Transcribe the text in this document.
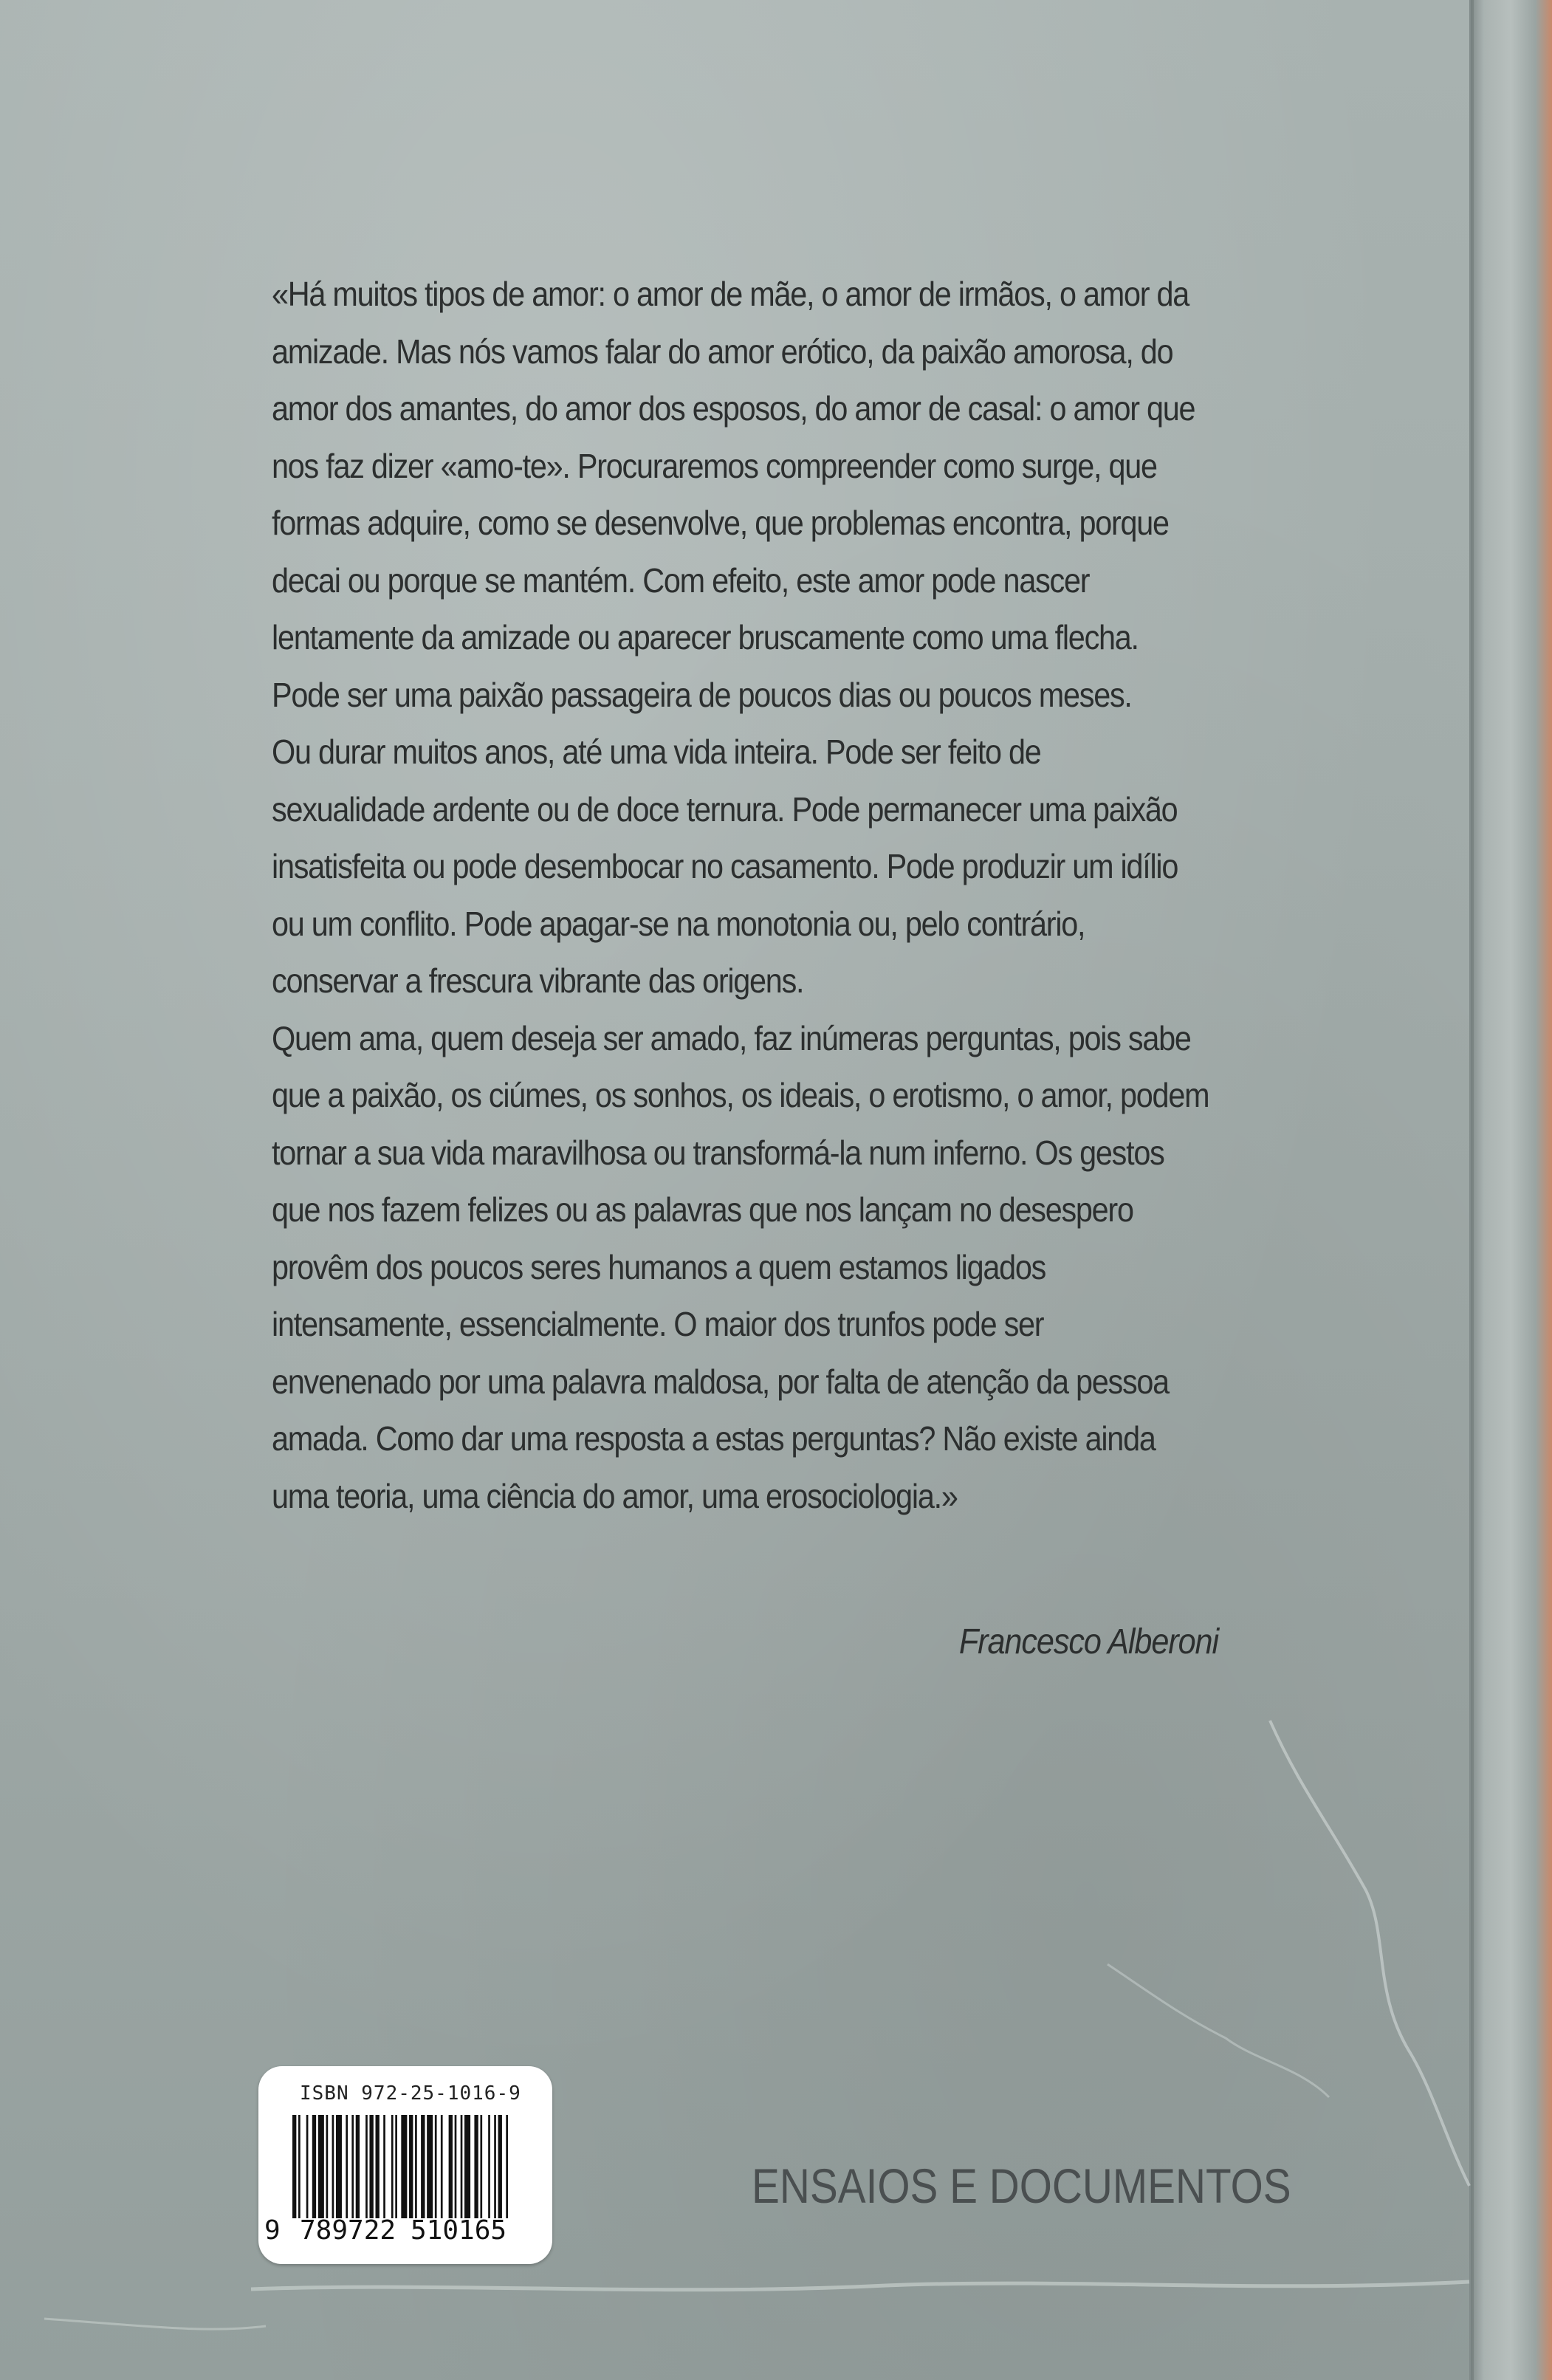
«Há muitos tipos de amor: o amor de mãe, o amor de irmãos, o amor da
amizade. Mas nós vamos falar do amor erótico, da paixão amorosa, do
amor dos amantes, do amor dos esposos, do amor de casal: o amor que
nos faz dizer «amo-te». Procuraremos compreender como surge, que
formas adquire, como se desenvolve, que problemas encontra, porque
decai ou porque se mantém. Com efeito, este amor pode nascer
lentamente da amizade ou aparecer bruscamente como uma flecha.
Pode ser uma paixão passageira de poucos dias ou poucos meses.
Ou durar muitos anos, até uma vida inteira. Pode ser feito de
sexualidade ardente ou de doce ternura. Pode permanecer uma paixão
insatisfeita ou pode desembocar no casamento. Pode produzir um idílio
ou um conflito. Pode apagar-se na monotonia ou, pelo contrário,
conservar a frescura vibrante das origens.
Quem ama, quem deseja ser amado, faz inúmeras perguntas, pois sabe
que a paixão, os ciúmes, os sonhos, os ideais, o erotismo, o amor, podem
tornar a sua vida maravilhosa ou transformá-la num inferno. Os gestos
que nos fazem felizes ou as palavras que nos lançam no desespero
provêm dos poucos seres humanos a quem estamos ligados
intensamente, essencialmente. O maior dos trunfos pode ser
envenenado por uma palavra maldosa, por falta de atenção da pessoa
amada. Como dar uma resposta a estas perguntas? Não existe ainda
uma teoria, uma ciência do amor, uma erosociologia.»

Francesco Alberoni
ISBN 972-25-1016-9
9 789722 510165
ENSAIOS E DOCUMENTOS
